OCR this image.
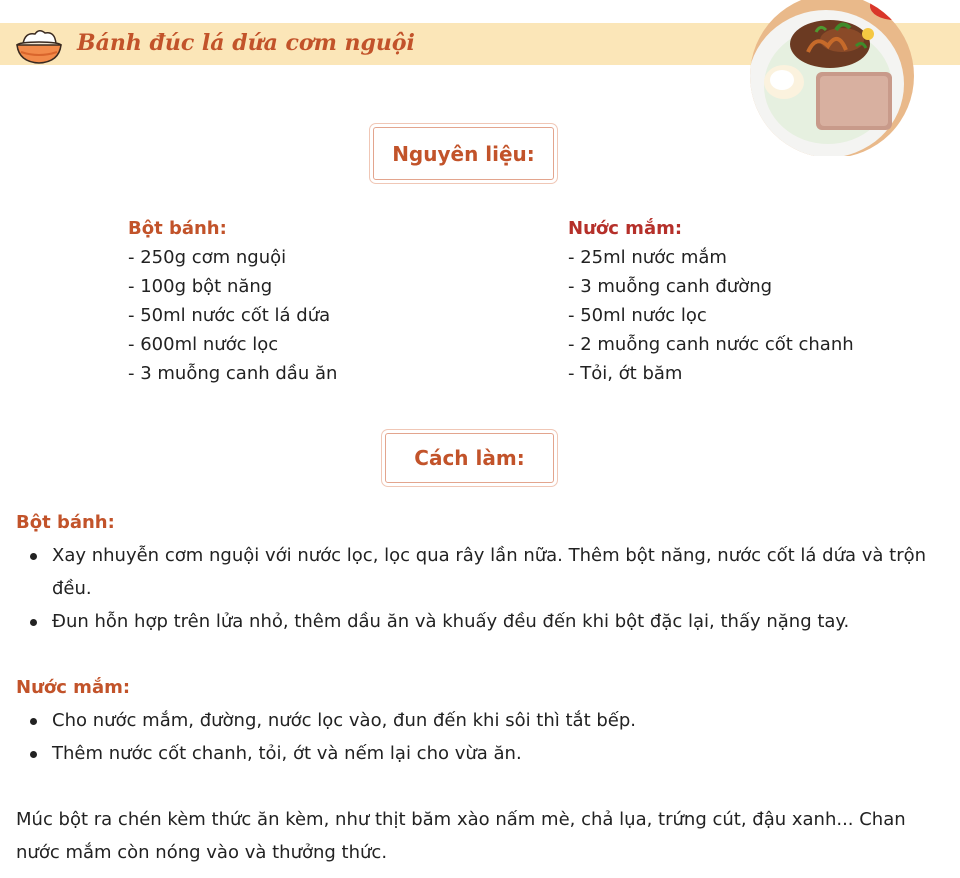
Bánh đúc lá dứa cơm nguội
Nguyên liệu:
Bột bánh:
- 250g cơm nguội
- 100g bột năng
- 50ml nước cốt lá dứa
- 600ml nước lọc
- 3 muỗng canh dầu ăn
Nước mắm:
- 25ml nước mắm
- 3 muỗng canh đường
- 50ml nước lọc
- 2 muỗng canh nước cốt chanh
- Tỏi, ớt băm
Cách làm:
Bột bánh:
Xay nhuyễn cơm nguội với nước lọc, lọc qua rây lần nữa. Thêm bột năng, nước cốt lá dứa và trộn đều.
Đun hỗn hợp trên lửa nhỏ, thêm dầu ăn và khuấy đều đến khi bột đặc lại, thấy nặng tay.
Nước mắm:
Cho nước mắm, đường, nước lọc vào, đun đến khi sôi thì tắt bếp.
Thêm nước cốt chanh, tỏi, ớt và nếm lại cho vừa ăn.
Múc bột ra chén kèm thức ăn kèm, như thịt băm xào nấm mè, chả lụa, trứng cút, đậu xanh... Chan nước mắm còn nóng vào và thưởng thức.
